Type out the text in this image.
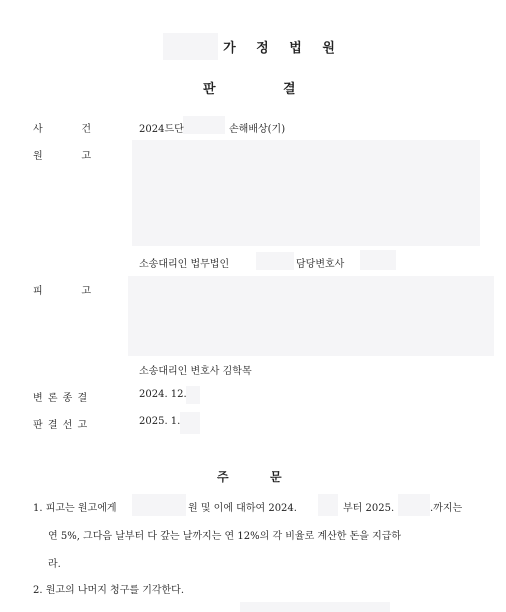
가 정 법 원
판	결
사	건	2024드단	손해배상(기)
원	고
소송대리인 법무법인	담당변호사
피	고
소송대리인 변호사 김학목
변 론 종 결	2024. 12.
판 결 선 고	2025. 1.
주	문
1. 피고는 원고에게	원 및 이에 대하여 2024.	부터 2025.	.까지는
연 5%, 그다음 날부터 다 갚는 날까지는 연 12%의 각 비율로 계산한 돈을 지급하
라.
2. 원고의 나머지 청구를 기각한다.
